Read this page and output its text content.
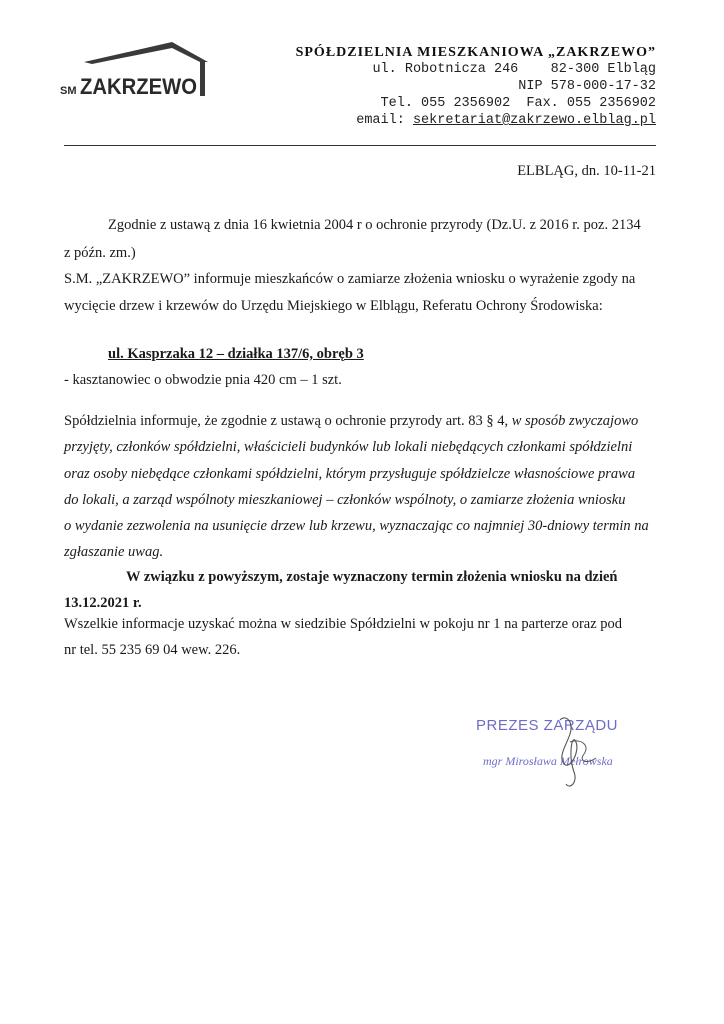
SM ZAKRZEWO
SPÓŁDZIELNIA MIESZKANIOWA „ZAKRZEWO”
ul. Robotnicza 246    82-300 Elbląg
NIP 578-000-17-32
Tel. 055 2356902  Fax. 055 2356902
email: sekretariat@zakrzewo.elblag.pl
ELBLĄG, dn. 10-11-21
Zgodnie z ustawą z dnia 16 kwietnia 2004 r o ochronie przyrody (Dz.U. z 2016 r. poz. 2134
z późn. zm.)
S.M. „ZAKRZEWO” informuje mieszkańców o zamiarze złożenia wniosku o wyrażenie zgody na
wycięcie drzew i krzewów do Urzędu Miejskiego w Elblągu, Referatu Ochrony Środowiska:
ul. Kasprzaka 12 – działka 137/6, obręb 3
- kasztanowiec o obwodzie pnia 420 cm – 1 szt.
Spółdzielnia informuje, że zgodnie z ustawą o ochronie przyrody art. 83 § 4, w sposób zwyczajowo
przyjęty, członków spółdzielni, właścicieli budynków lub lokali niebędących członkami spółdzielni
oraz osoby niebędące członkami spółdzielni, którym przysługuje spółdzielcze własnościowe prawa
do lokali, a zarząd wspólnoty mieszkaniowej – członków wspólnoty, o zamiarze złożenia wniosku
o wydanie zezwolenia na usunięcie drzew lub krzewu, wyznaczając co najmniej 30-dniowy termin na
zgłaszanie uwag.
W związku z powyższym, zostaje wyznaczony termin złożenia wniosku na dzień
13.12.2021 r.
Wszelkie informacje uzyskać można w siedzibie Spółdzielni w pokoju nr 1 na parterze oraz pod
nr tel. 55 235 69 04 wew. 226.
PREZES ZARZĄDU
mgr Mirosława Mełrowska
